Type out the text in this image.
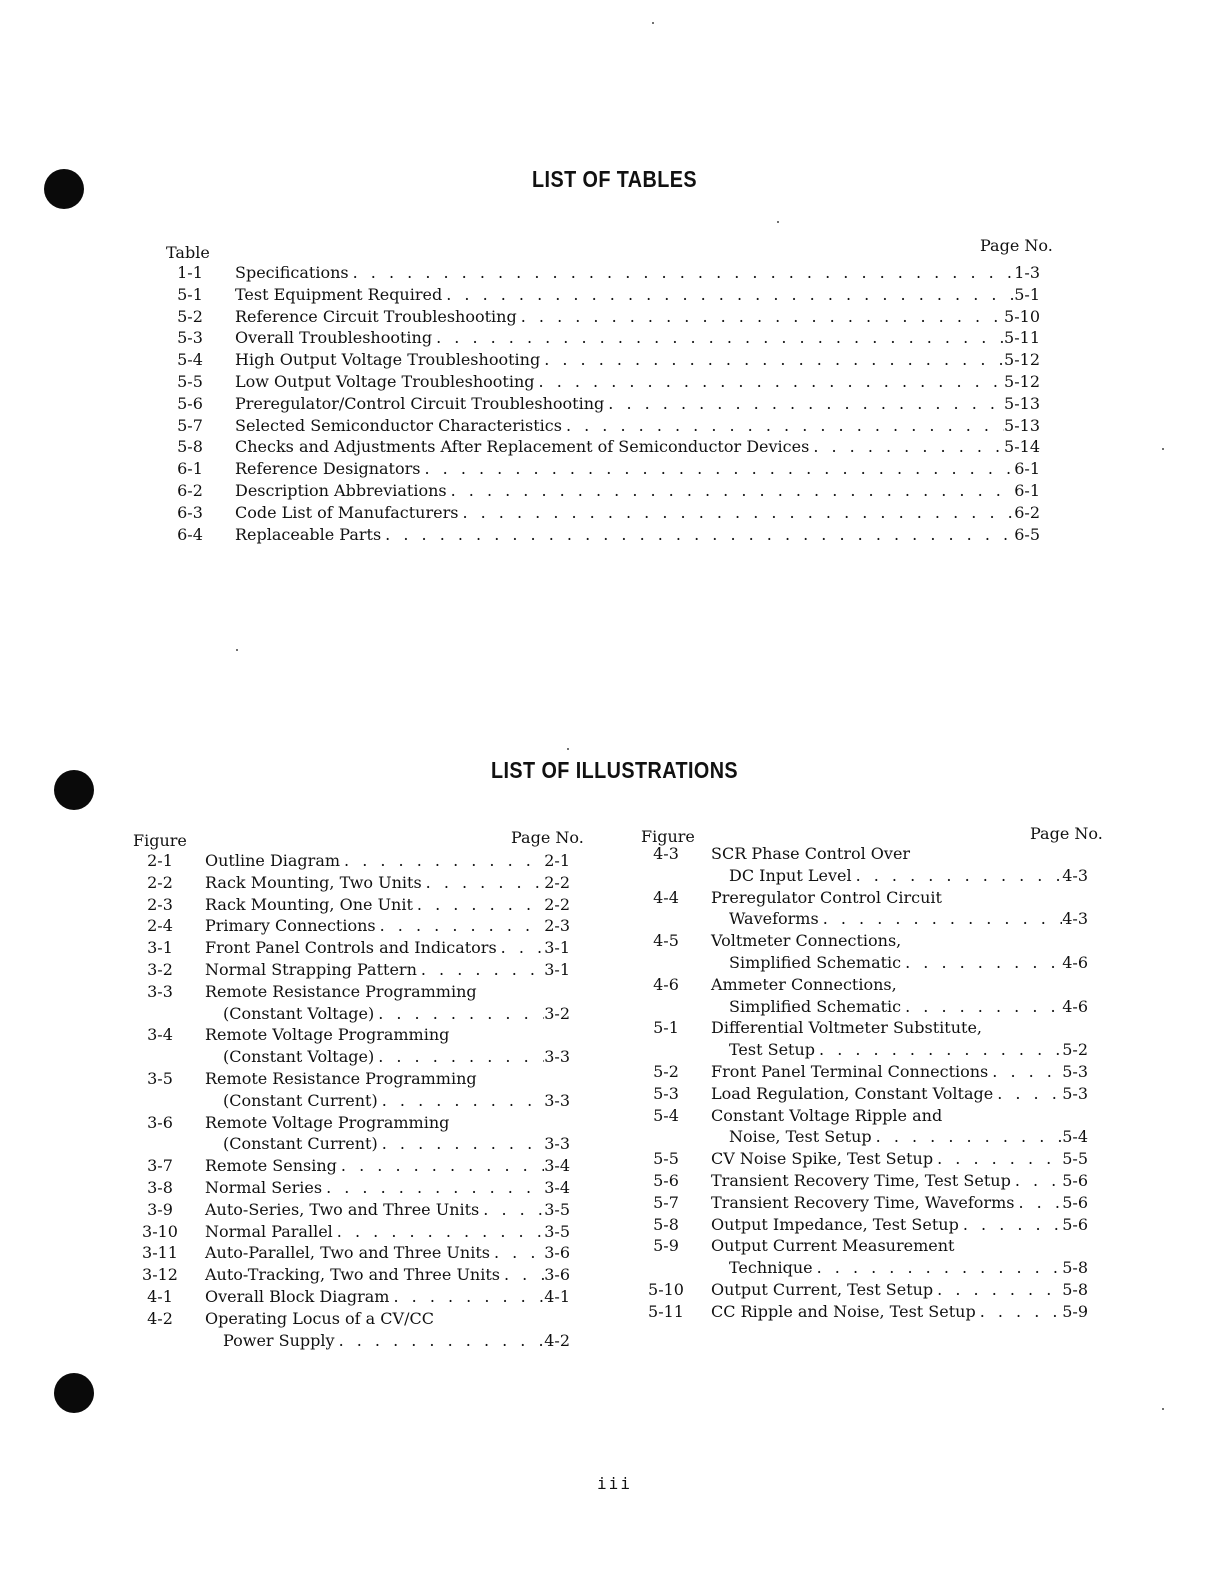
LIST OF TABLES
Table	Page No.
1-1	Specifications . . .	1-3
5-1	Test Equipment Required . . .	5-1
5-2	Reference Circuit Troubleshooting . . .	5-10
5-3	Overall Troubleshooting . . .	5-11
5-4	High Output Voltage Troubleshooting . . .	5-12
5-5	Low Output Voltage Troubleshooting . . .	5-12
5-6	Preregulator/Control Circuit Troubleshooting . . .	5-13
5-7	Selected Semiconductor Characteristics . . .	5-13
5-8	Checks and Adjustments After Replacement of Semiconductor Devices . . .	5-14
6-1	Reference Designators . . .	6-1
6-2	Description Abbreviations . . .	6-1
6-3	Code List of Manufacturers . . .	6-2
6-4	Replaceable Parts . . .	6-5
LIST OF ILLUSTRATIONS
Figure	Page No.	Figure	Page No.
2-1	Outline Diagram . . .	2-1
2-2	Rack Mounting, Two Units . . .	2-2
2-3	Rack Mounting, One Unit . . .	2-2
2-4	Primary Connections . . .	2-3
3-1	Front Panel Controls and Indicators . . .	3-1
3-2	Normal Strapping Pattern . . .	3-1
3-3	Remote Resistance Programming
(Constant Voltage) . . .	3-2
3-4	Remote Voltage Programming
(Constant Voltage) . . .	3-3
3-5	Remote Resistance Programming
(Constant Current) . . .	3-3
3-6	Remote Voltage Programming
(Constant Current) . . .	3-3
3-7	Remote Sensing . . .	3-4
3-8	Normal Series . . .	3-4
3-9	Auto-Series, Two and Three Units . . .	3-5
3-10	Normal Parallel . . .	3-5
3-11	Auto-Parallel, Two and Three Units . . .	3-6
3-12	Auto-Tracking, Two and Three Units . . .	3-6
4-1	Overall Block Diagram . . .	4-1
4-2	Operating Locus of a CV/CC
Power Supply . . .	4-2
4-3	SCR Phase Control Over
DC Input Level . . .	4-3
4-4	Preregulator Control Circuit
Waveforms . . .	4-3
4-5	Voltmeter Connections,
Simplified Schematic . . .	4-6
4-6	Ammeter Connections,
Simplified Schematic . . .	4-6
5-1	Differential Voltmeter Substitute,
Test Setup . . .	5-2
5-2	Front Panel Terminal Connections . . .	5-3
5-3	Load Regulation, Constant Voltage . . .	5-3
5-4	Constant Voltage Ripple and
Noise, Test Setup . . .	5-4
5-5	CV Noise Spike, Test Setup . . .	5-5
5-6	Transient Recovery Time, Test Setup . . .	5-6
5-7	Transient Recovery Time, Waveforms . . .	5-6
5-8	Output Impedance, Test Setup . . .	5-6
5-9	Output Current Measurement
Technique . . .	5-8
5-10	Output Current, Test Setup . . .	5-8
5-11	CC Ripple and Noise, Test Setup . . .	5-9
iii
